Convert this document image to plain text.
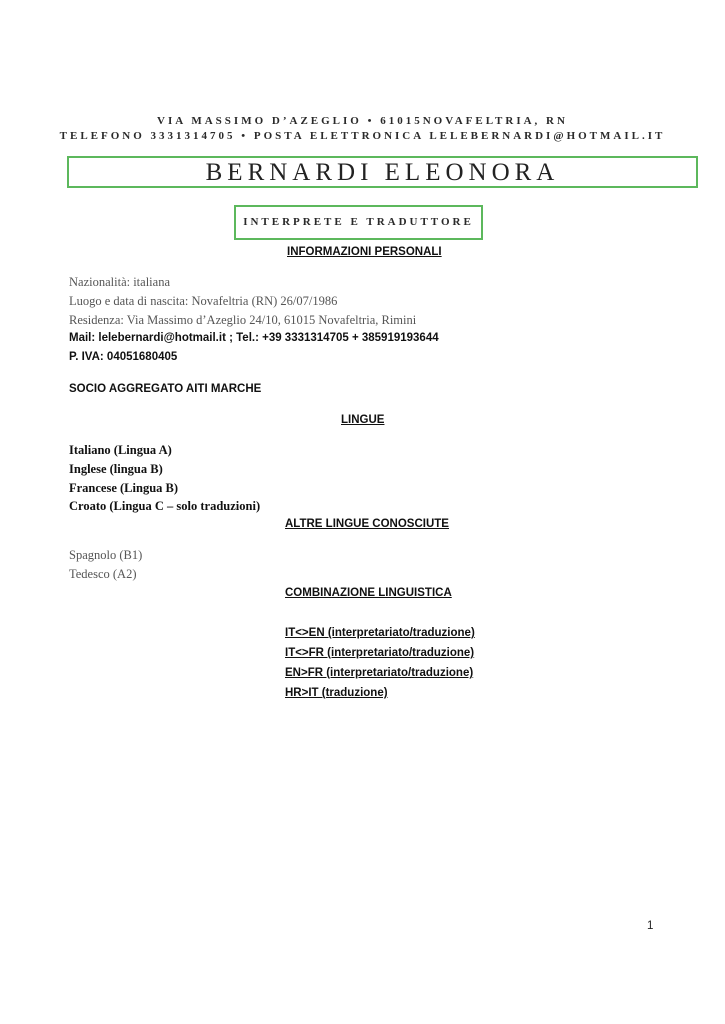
VIA MASSIMO D’AZEGLIO • 61015NOVAFELTRIA, RN
TELEFONO 3331314705 • POSTA ELETTRONICA LELEBERNARDI@HOTMAIL.IT
BERNARDI ELEONORA
INTERPRETE E TRADUTTORE
INFORMAZIONI PERSONALI
Nazionalità: italiana
Luogo e data di nascita: Novafeltria (RN) 26/07/1986
Residenza: Via Massimo d’Azeglio 24/10, 61015 Novafeltria, Rimini
Mail: lelebernardi@hotmail.it ; Tel.: +39 3331314705 + 385919193644
P. IVA: 04051680405
SOCIO AGGREGATO AITI MARCHE
LINGUE
Italiano (Lingua A)
Inglese (lingua B)
Francese (Lingua B)
Croato (Lingua C – solo traduzioni)
ALTRE LINGUE CONOSCIUTE
Spagnolo (B1)
Tedesco (A2)
COMBINAZIONE LINGUISTICA
IT<>EN (interpretariato/traduzione)
IT<>FR (interpretariato/traduzione)
EN>FR (interpretariato/traduzione)
HR>IT (traduzione)
1
